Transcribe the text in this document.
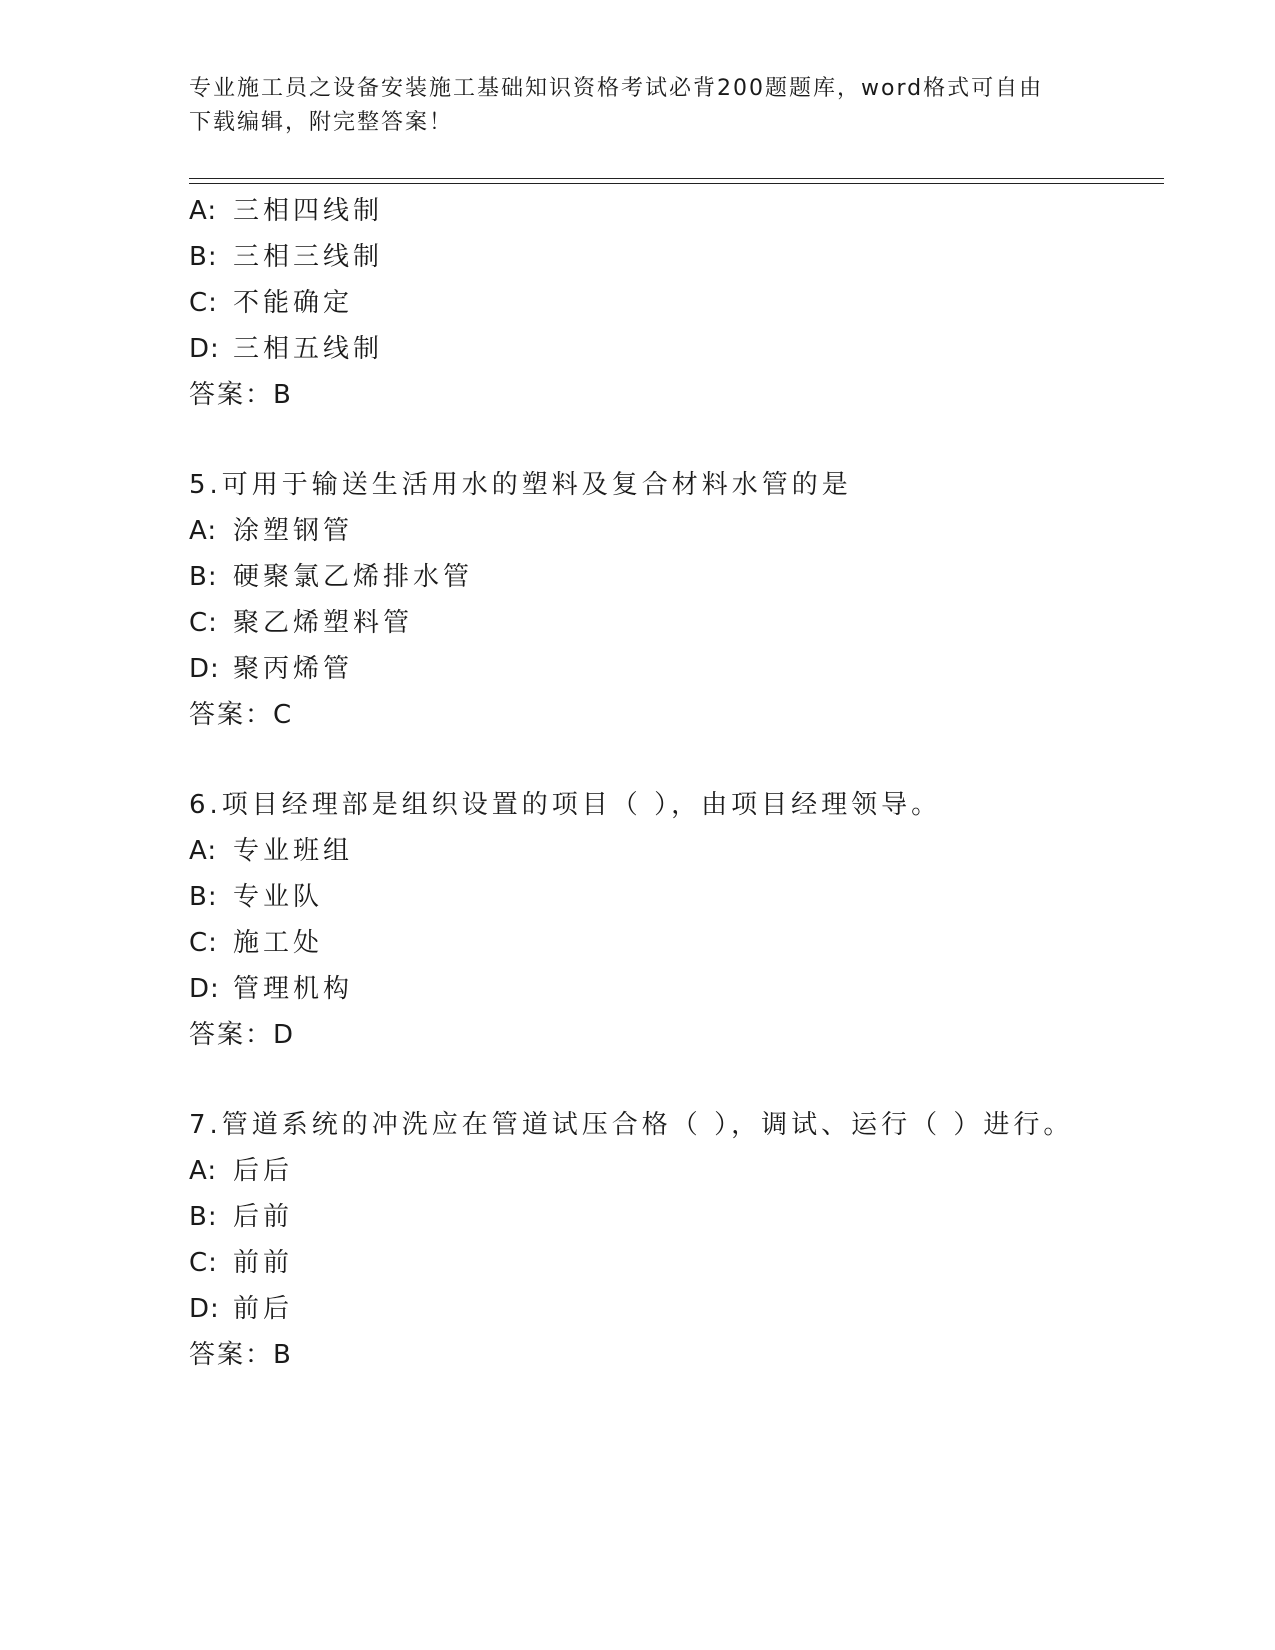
专业施工员之设备安装施工基础知识资格考试必背200题题库，word格式可自由
下载编辑，附完整答案！
A: 三相四线制
B: 三相三线制
C: 不能确定
D: 三相五线制
答案：B
5.可用于输送生活用水的塑料及复合材料水管的是
A: 涂塑钢管
B: 硬聚氯乙烯排水管
C: 聚乙烯塑料管
D: 聚丙烯管
答案：C
6.项目经理部是组织设置的项目（ ），由项目经理领导。
A: 专业班组
B: 专业队
C: 施工处
D: 管理机构
答案：D
7.管道系统的冲洗应在管道试压合格（ ），调试、运行（ ）进行。
A: 后后
B: 后前
C: 前前
D: 前后
答案：B
